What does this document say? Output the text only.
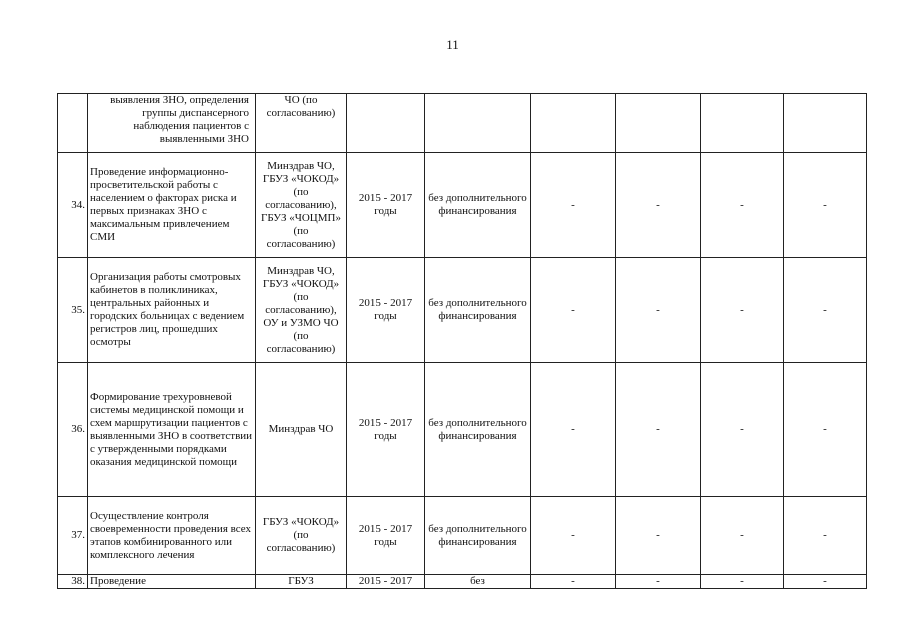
11
	выявления ЗНО, определения группы диспансерного наблюдения пациентов с выявленными ЗНО	ЧО (по согласованию)						
34.	Проведение информационно-просветительской работы с населением о факторах риска и первых признаках ЗНО с максимальным привлечением СМИ	Минздрав ЧО, ГБУЗ «ЧОКОД» (по согласованию), ГБУЗ «ЧОЦМП» (по согласованию)	2015 - 2017 годы	без дополнительного финансирования	-	-	-	-
35.	Организация работы смотровых кабинетов в поликлиниках, центральных районных и городских больницах с ведением регистров лиц, прошедших осмотры	Минздрав ЧО, ГБУЗ «ЧОКОД» (по согласованию), ОУ и УЗМО ЧО (по согласованию)	2015 - 2017 годы	без дополнительного финансирования	-	-	-	-
36.	Формирование трехуровневой системы медицинской помощи и схем маршрутизации пациентов с выявленными ЗНО в соответствии с утвержденными порядками оказания медицинской помощи	Минздрав ЧО	2015 - 2017 годы	без дополнительного финансирования	-	-	-	-
37.	Осуществление контроля своевременности проведения всех этапов комбинированного или комплексного лечения	ГБУЗ «ЧОКОД» (по согласованию)	2015 - 2017 годы	без дополнительного финансирования	-	-	-	-
38.	Проведение	ГБУЗ	2015 - 2017	без	-	-	-	-
